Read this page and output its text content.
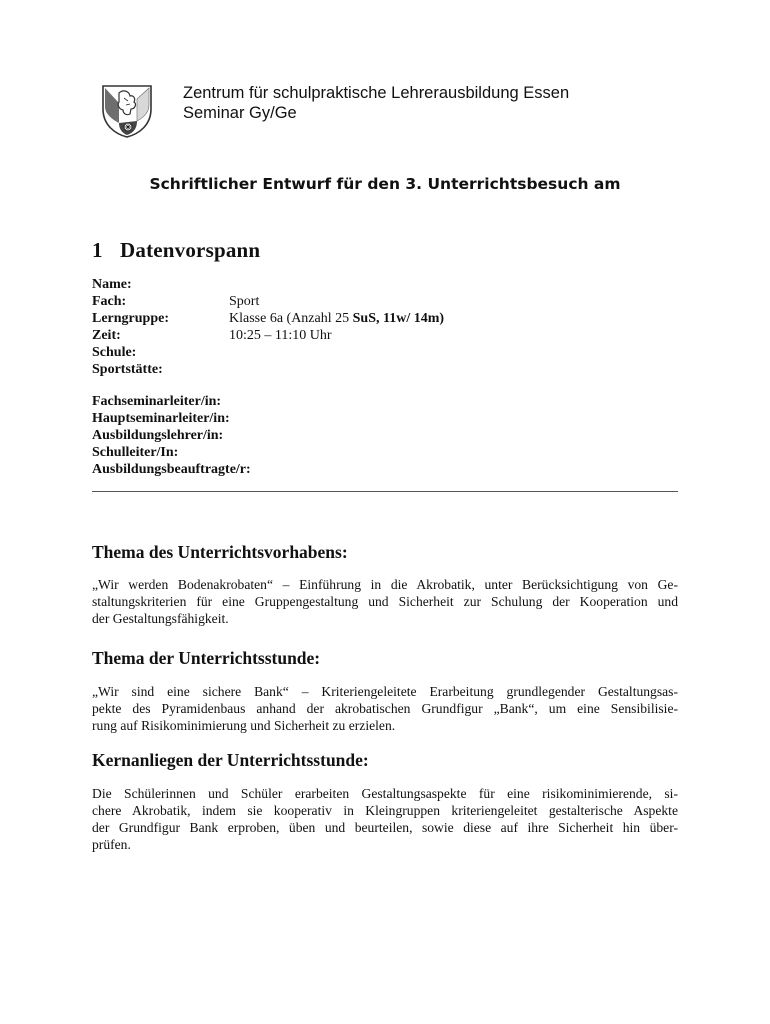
Zentrum für schulpraktische Lehrerausbildung Essen
Seminar Gy/Ge
Schriftlicher Entwurf für den 3. Unterrichtsbesuch am
1 Datenvorspann
Name:
Fach:	Sport
Lerngruppe:	Klasse 6a (Anzahl 25 SuS, 11w/ 14m)
Zeit:	10:25 – 11:10 Uhr
Schule:
Sportstätte:
Fachseminarleiter/in:
Hauptseminarleiter/in:
Ausbildungslehrer/in:
Schulleiter/In:
Ausbildungsbeauftragte/r:
Thema des Unterrichtsvorhabens:
„Wir werden Bodenakrobaten“ – Einführung in die Akrobatik, unter Berücksichtigung von Ge-
staltungskriterien für eine Gruppengestaltung und Sicherheit zur Schulung der Kooperation und
der Gestaltungsfähigkeit.
Thema der Unterrichtsstunde:
„Wir sind eine sichere Bank“ – Kriteriengeleitete Erarbeitung grundlegender Gestaltungsas-
pekte des Pyramidenbaus anhand der akrobatischen Grundfigur „Bank“, um eine Sensibilisie-
rung auf Risikominimierung und Sicherheit zu erzielen.
Kernanliegen der Unterrichtsstunde:
Die Schülerinnen und Schüler erarbeiten Gestaltungsaspekte für eine risikominimierende, si-
chere Akrobatik, indem sie kooperativ in Kleingruppen kriteriengeleitet gestalterische Aspekte
der Grundfigur Bank erproben, üben und beurteilen, sowie diese auf ihre Sicherheit hin über-
prüfen.
